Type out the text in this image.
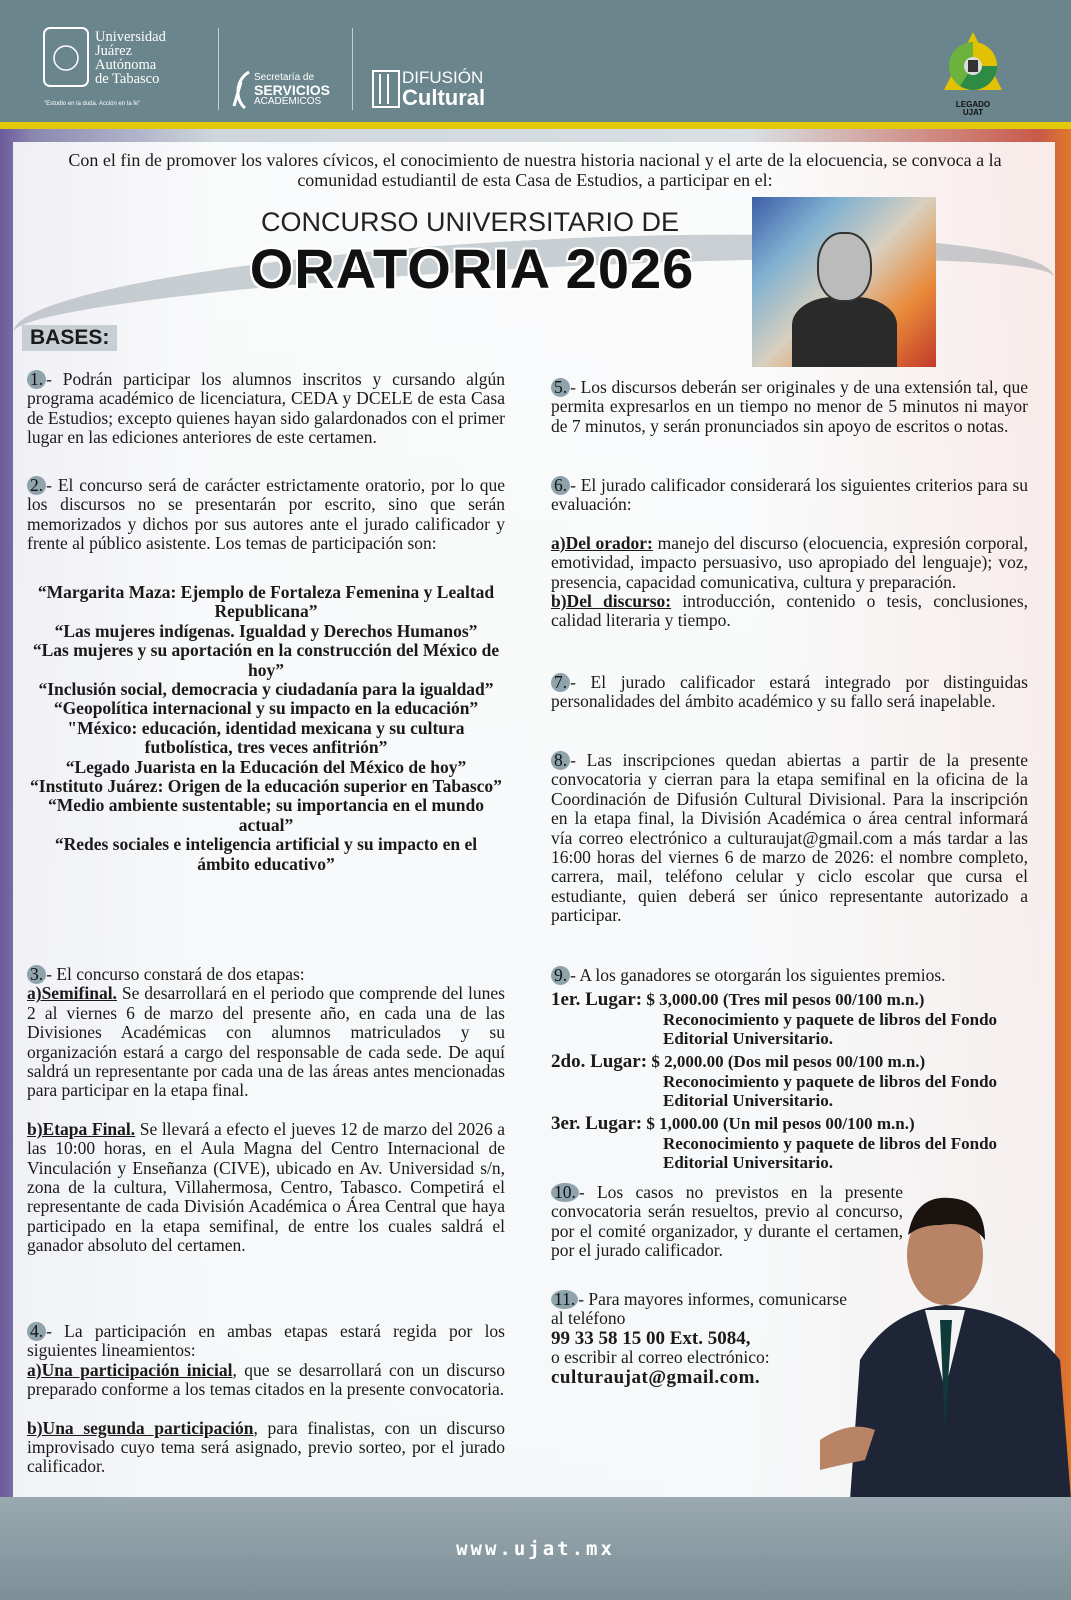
Universidad
Juárez
Autónoma
de Tabasco
"Estudio en la duda. Acción en la fe"
Secretaría de
SERVICIOS
ACADÉMICOS
DIFUSIÓN
Cultural	LEGADO
UJAT
Con el fin de promover los valores cívicos, el conocimiento de nuestra historia nacional y el arte de la elocuencia, se convoca a la comunidad estudiantil de esta Casa de Estudios, a participar en el:
CONCURSO UNIVERSITARIO DE
ORATORIA 2026
BASES:
1. - Podrán participar los alumnos inscritos y cursando algún programa académico de licenciatura, CEDA y DCELE de esta Casa de Estudios; excepto quienes hayan sido galardonados con el primer lugar en las ediciones anteriores de este certamen.
2. - El concurso será de carácter estrictamente oratorio, por lo que los discursos no se presentarán por escrito, sino que serán memorizados y dichos por sus autores ante el jurado calificador y frente al público asistente. Los temas de participación son:
“Margarita Maza: Ejemplo de Fortaleza Femenina y Lealtad Republicana”
“Las mujeres indígenas. Igualdad y Derechos Humanos”
“Las mujeres y su aportación en la construcción del México de hoy”
“Inclusión social, democracia y ciudadanía para la igualdad”
“Geopolítica internacional y su impacto en la educación”
"México: educación, identidad mexicana y su cultura futbolística, tres veces anfitrión”
“Legado Juarista en la Educación del México de hoy”
“Instituto Juárez: Origen de la educación superior en Tabasco”
“Medio ambiente sustentable; su importancia en el mundo actual”
“Redes sociales e inteligencia artificial y su impacto en el ámbito educativo”
3. - El concurso constará de dos etapas:
a)Semifinal. Se desarrollará en el periodo que comprende del lunes 2 al viernes 6 de marzo del presente año, en cada una de las Divisiones Académicas con alumnos matriculados y su organización estará a cargo del responsable de cada sede. De aquí saldrá un representante por cada una de las áreas antes mencionadas para participar en la etapa final.
b)Etapa Final. Se llevará a efecto el jueves 12 de marzo del 2026 a las 10:00 horas, en el Aula Magna del Centro Internacional de Vinculación y Enseñanza (CIVE), ubicado en Av. Universidad s/n, zona de la cultura, Villahermosa, Centro, Tabasco. Competirá el representante de cada División Académica o Área Central que haya participado en la etapa semifinal, de entre los cuales saldrá el ganador absoluto del certamen.
4. - La participación en ambas etapas estará regida por los siguientes lineamientos:
a)Una participación inicial, que se desarrollará con un discurso preparado conforme a los temas citados en la presente convocatoria.
b)Una segunda participación, para finalistas, con un discurso improvisado cuyo tema será asignado, previo sorteo, por el jurado calificador.
5. - Los discursos deberán ser originales y de una extensión tal, que permita expresarlos en un tiempo no menor de 5 minutos ni mayor de 7 minutos, y serán pronunciados sin apoyo de escritos o notas.
6. - El jurado calificador considerará los siguientes criterios para su evaluación:
a)Del orador: manejo del discurso (elocuencia, expresión corporal, emotividad, impacto persuasivo, uso apropiado del lenguaje); voz, presencia, capacidad comunicativa, cultura y preparación.
b)Del discurso: introducción, contenido o tesis, conclusiones, calidad literaria y tiempo.
7. - El jurado calificador estará integrado por distinguidas personalidades del ámbito académico y su fallo será inapelable.
8. - Las inscripciones quedan abiertas a partir de la presente convocatoria y cierran para la etapa semifinal en la oficina de la Coordinación de Difusión Cultural Divisional. Para la inscripción en la etapa final, la División Académica o área central informará vía correo electrónico a culturaujat@gmail.com a más tardar a las 16:00 horas del viernes 6 de marzo de 2026: el nombre completo, carrera, mail, teléfono celular y ciclo escolar que cursa el estudiante, quien deberá ser único representante autorizado a participar.
9. - A los ganadores se otorgarán los siguientes premios.
1er. Lugar: $ 3,000.00 (Tres mil pesos 00/100 m.n.)
Reconocimiento y paquete de libros del Fondo Editorial Universitario.
2do. Lugar: $ 2,000.00 (Dos mil pesos 00/100 m.n.)
Reconocimiento y paquete de libros del Fondo Editorial Universitario.
3er. Lugar: $ 1,000.00 (Un mil pesos 00/100 m.n.)
Reconocimiento y paquete de libros del Fondo Editorial Universitario.
10. - Los casos no previstos en la presente convocatoria serán resueltos, previo al concurso, por el comité organizador, y durante el certamen, por el jurado calificador.
11. - Para mayores informes, comunicarse al teléfono
99 33 58 15 00 Ext. 5084,
o escribir al correo electrónico:
culturaujat@gmail.com.
www.ujat.mx
